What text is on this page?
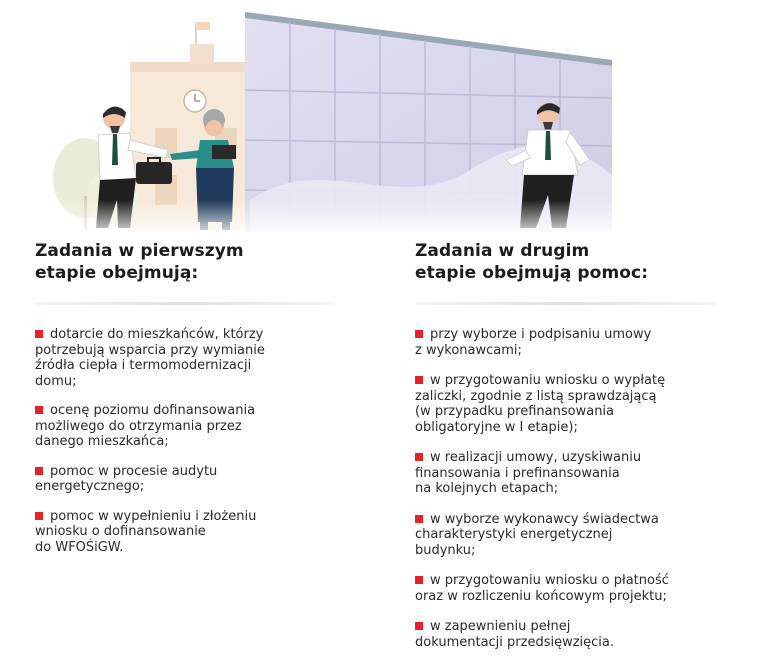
Zadania w pierwszym
etapie obejmują:
dotarcie do mieszkańców, którzy
potrzebują wsparcia przy wymianie
źródła ciepła i termomodernizacji
domu;
ocenę poziomu dofinansowania
możliwego do otrzymania przez
danego mieszkańca;
pomoc w procesie audytu
energetycznego;
pomoc w wypełnieniu i złożeniu
wniosku o dofinansowanie
do WFOŚiGW.
Zadania w drugim
etapie obejmują pomoc:
przy wyborze i podpisaniu umowy
z wykonawcami;
w przygotowaniu wniosku o wypłatę
zaliczki, zgodnie z listą sprawdzającą
(w przypadku prefinansowania
obligatoryjne w I etapie);
w realizacji umowy, uzyskiwaniu
finansowania i prefinansowania
na kolejnych etapach;
w wyborze wykonawcy świadectwa
charakterystyki energetycznej
budynku;
w przygotowaniu wniosku o płatność
oraz w rozliczeniu końcowym projektu;
w zapewnieniu pełnej
dokumentacji przedsięwzięcia.
